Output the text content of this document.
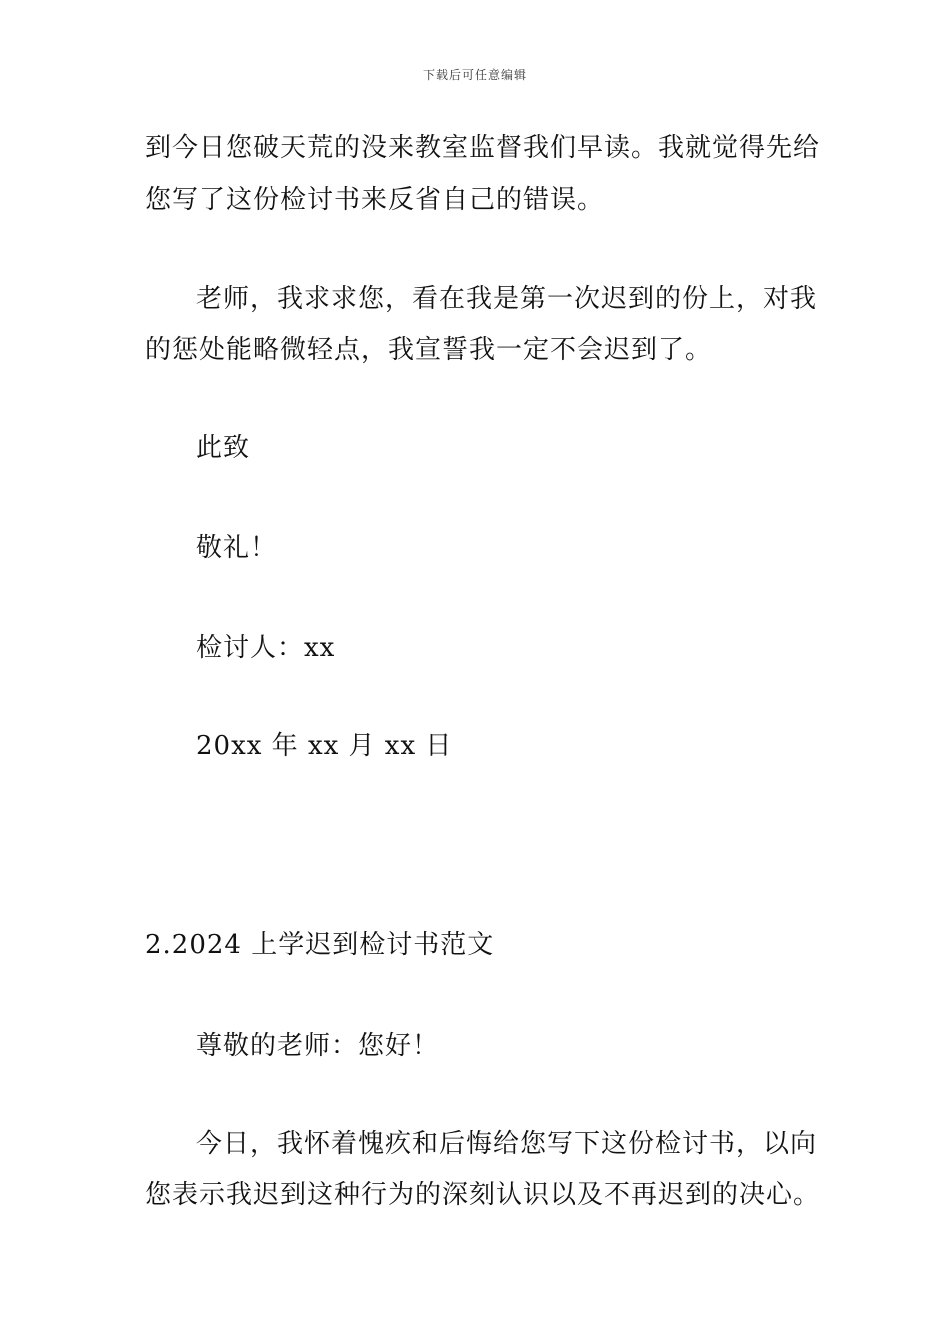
下载后可任意编辑
到今日您破天荒的没来教室监督我们早读。我就觉得先给
您写了这份检讨书来反省自己的错误。
老师，我求求您，看在我是第一次迟到的份上，对我
的惩处能略微轻点，我宣誓我一定不会迟到了。
此致
敬礼！
检讨人：xx
20xx 年 xx 月 xx 日
2.2024 上学迟到检讨书范文
尊敬的老师：您好！
今日，我怀着愧疚和后悔给您写下这份检讨书，以向
您表示我迟到这种行为的深刻认识以及不再迟到的决心。
